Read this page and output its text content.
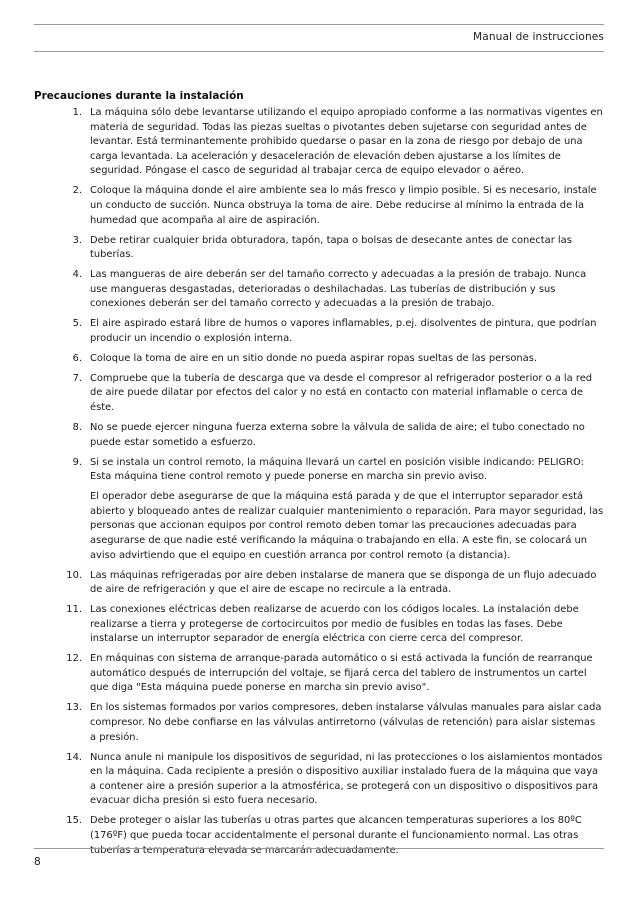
Manual de instrucciones
Precauciones durante la instalación
1. La máquina sólo debe levantarse utilizando el equipo apropiado conforme a las normativas vigentes en materia de seguridad. Todas las piezas sueltas o pivotantes deben sujetarse con seguridad antes de levantar. Está terminantemente prohibido quedarse o pasar en la zona de riesgo por debajo de una carga levantada. La aceleración y desaceleración de elevación deben ajustarse a los límites de seguridad. Póngase el casco de seguridad al trabajar cerca de equipo elevador o aéreo.

2. Coloque la máquina donde el aire ambiente sea lo más fresco y limpio posible. Si es necesario, instale un conducto de succión. Nunca obstruya la toma de aire. Debe reducirse al mínimo la entrada de la humedad que acompaña al aire de aspiración.

3. Debe retirar cualquier brida obturadora, tapón, tapa o bolsas de desecante antes de conectar las tuberías.

4. Las mangueras de aire deberán ser del tamaño correcto y adecuadas a la presión de trabajo. Nunca use mangueras desgastadas, deterioradas o deshilachadas. Las tuberías de distribución y sus conexiones deberán ser del tamaño correcto y adecuadas a la presión de trabajo.

5. El aire aspirado estará libre de humos o vapores inflamables, p.ej. disolventes de pintura, que podrían producir un incendio o explosión interna.

6. Coloque la toma de aire en un sitio donde no pueda aspirar ropas sueltas de las personas.

7. Compruebe que la tubería de descarga que va desde el compresor al refrigerador posterior o a la red de aire puede dilatar por efectos del calor y no está en contacto con material inflamable o cerca de éste.

8. No se puede ejercer ninguna fuerza externa sobre la válvula de salida de aire; el tubo conectado no puede estar sometido a esfuerzo.

9. Si se instala un control remoto, la máquina llevará un cartel en posición visible indicando: PELIGRO: Esta máquina tiene control remoto y puede ponerse en marcha sin previo aviso.

El operador debe asegurarse de que la máquina está parada y de que el interruptor separador está abierto y bloqueado antes de realizar cualquier mantenimiento o reparación. Para mayor seguridad, las personas que accionan equipos por control remoto deben tomar las precauciones adecuadas para asegurarse de que nadie esté verificando la máquina o trabajando en ella. A este fin, se colocará un aviso advirtiendo que el equipo en cuestión arranca por control remoto (a distancia).

10. Las máquinas refrigeradas por aire deben instalarse de manera que se disponga de un flujo adecuado de aire de refrigeración y que el aire de escape no recircule a la entrada.

11. Las conexiones eléctricas deben realizarse de acuerdo con los códigos locales. La instalación debe realizarse a tierra y protegerse de cortocircuitos por medio de fusibles en todas las fases. Debe instalarse un interruptor separador de energía eléctrica con cierre cerca del compresor.

12. En máquinas con sistema de arranque-parada automático o si está activada la función de rearranque automático después de interrupción del voltaje, se fijará cerca del tablero de instrumentos un cartel que diga "Esta máquina puede ponerse en marcha sin previo aviso".

13. En los sistemas formados por varios compresores, deben instalarse válvulas manuales para aislar cada compresor. No debe confiarse en las válvulas antirretorno (válvulas de retención) para aislar sistemas a presión.

14. Nunca anule ni manipule los dispositivos de seguridad, ni las protecciones o los aislamientos montados en la máquina. Cada recipiente a presión o dispositivo auxiliar instalado fuera de la máquina que vaya a contener aire a presión superior a la atmosférica, se protegerá con un dispositivo o dispositivos para evacuar dicha presión si esto fuera necesario.

15. Debe proteger o aislar las tuberías u otras partes que alcancen temperaturas superiores a los 80ºC (176ºF) que pueda tocar accidentalmente el personal durante el funcionamiento normal. Las otras tuberías a temperatura elevada se marcarán adecuadamente.

8
